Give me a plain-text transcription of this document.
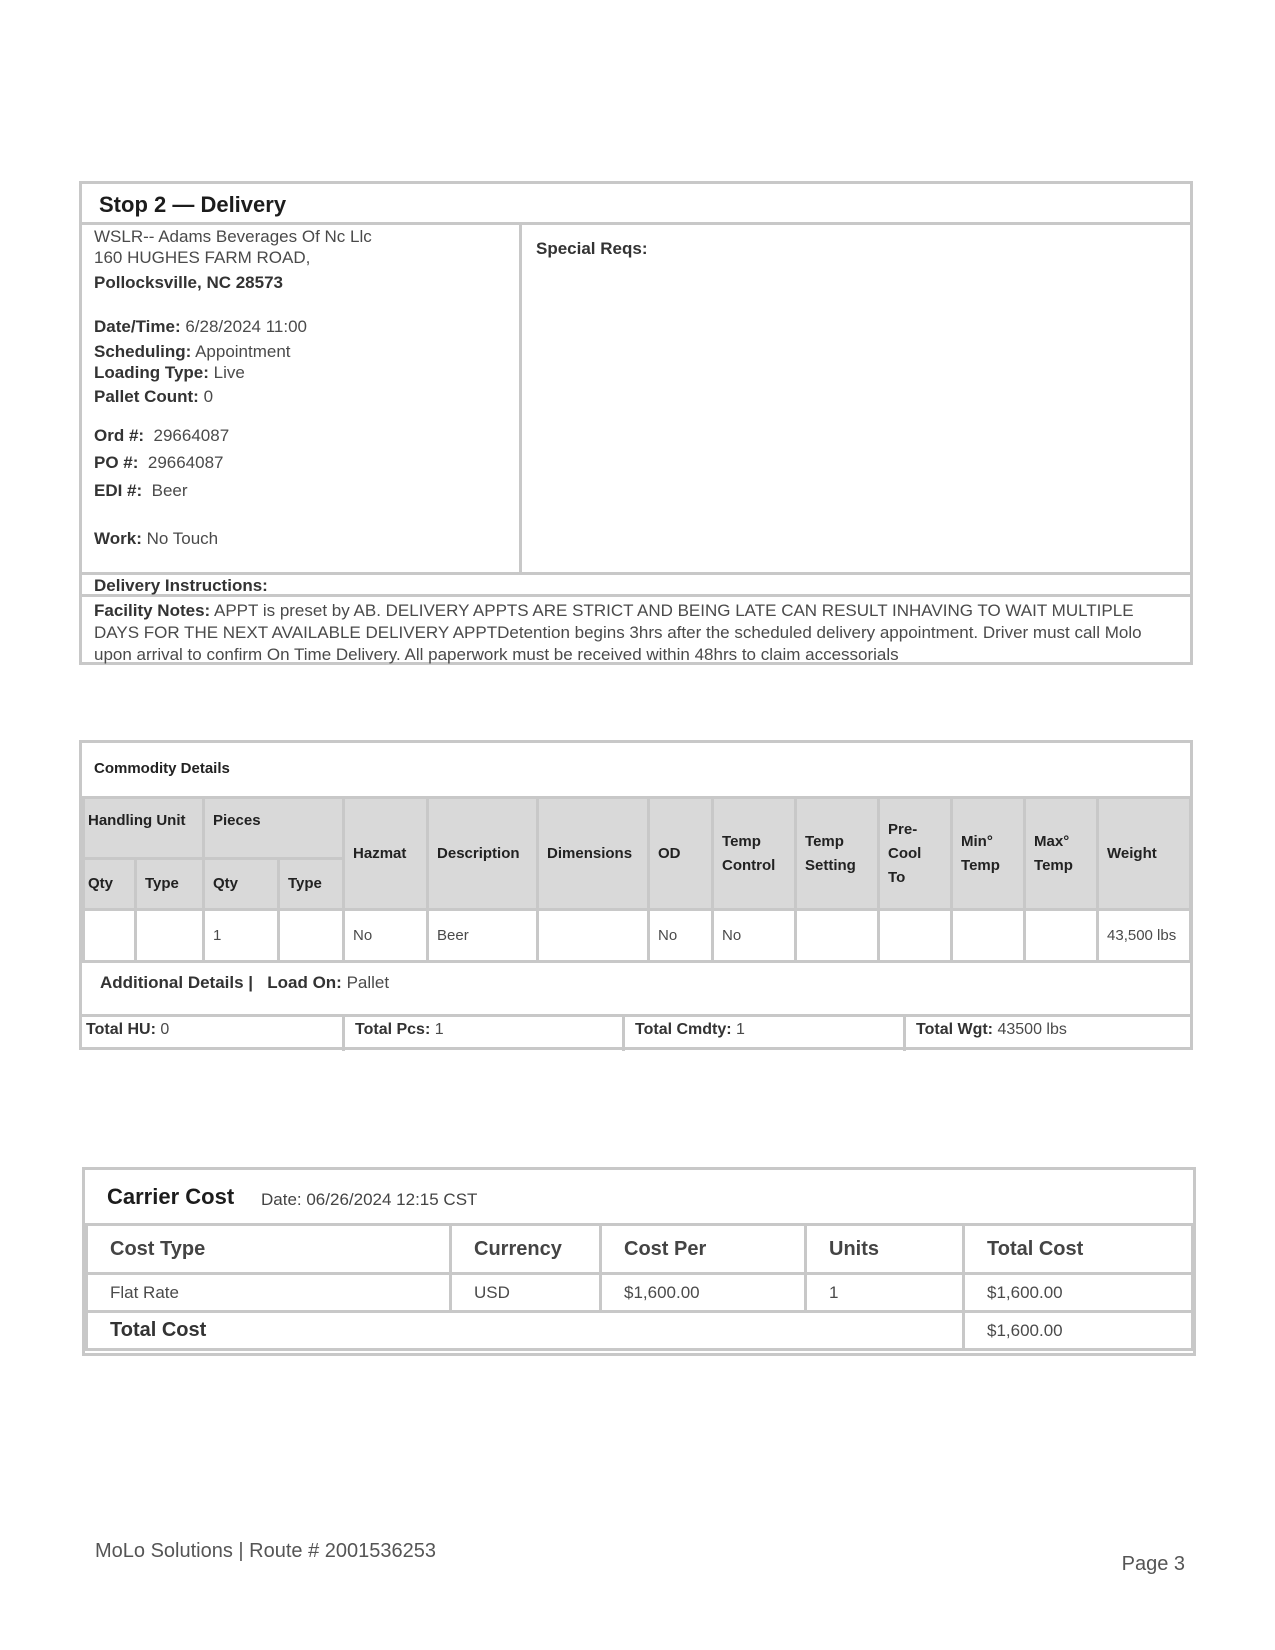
Stop 2 — Delivery
WSLR-- Adams Beverages Of Nc Llc
160 HUGHES FARM ROAD,
Pollocksville, NC 28573
Date/Time: 6/28/2024 11:00
Scheduling: Appointment
Loading Type: Live
Pallet Count: 0
Ord #: 29664087
PO #: 29664087
EDI #: Beer
Work: No Touch
Special Reqs:
Delivery Instructions:
Facility Notes: APPT is preset by AB. DELIVERY APPTS ARE STRICT AND BEING LATE CAN RESULT INHAVING TO WAIT MULTIPLE DAYS FOR THE NEXT AVAILABLE DELIVERY APPTDetention begins 3hrs after the scheduled delivery appointment. Driver must call Molo upon arrival to confirm On Time Delivery. All paperwork must be received within 48hrs to claim accessorials
Commodity Details
Handling Unit		Pieces		Hazmat	Description	Dimensions	OD	Temp Control	Temp Setting	Pre-Cool To	Min° Temp	Max° Temp	Weight
Qty	Type	Qty	Type										
		1		No	Beer		No	No					43,500 lbs
Additional Details | Load On: Pallet
Total HU: 0	Total Pcs: 1	Total Cmdty: 1	Total Wgt: 43500 lbs
Carrier Cost Date: 06/26/2024 12:15 CST
Cost Type	Currency	Cost Per	Units	Total Cost
Flat Rate	USD	$1,600.00	1	$1,600.00
Total Cost				$1,600.00
MoLo Solutions | Route # 2001536253
Page 3
